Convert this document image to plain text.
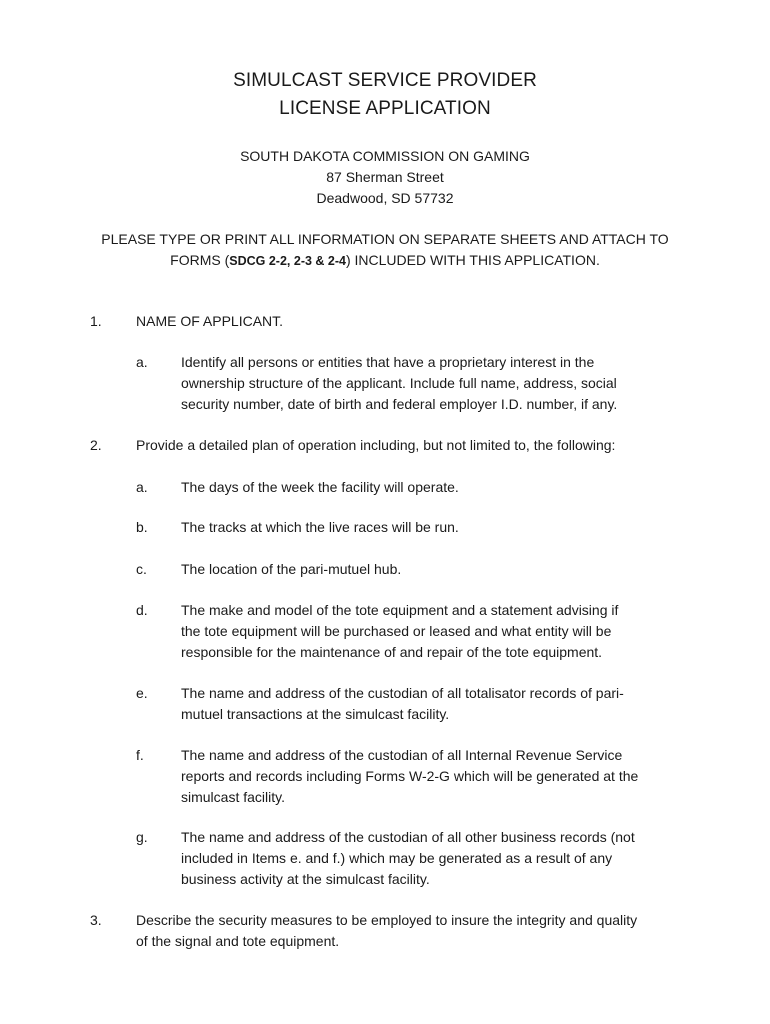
SIMULCAST SERVICE PROVIDER
LICENSE APPLICATION
SOUTH DAKOTA COMMISSION ON GAMING
87 Sherman Street
Deadwood, SD 57732
PLEASE TYPE OR PRINT ALL INFORMATION ON SEPARATE SHEETS AND ATTACH TO
FORMS (SDCG 2-2, 2-3 & 2-4) INCLUDED WITH THIS APPLICATION.
1. NAME OF APPLICANT.
a. Identify all persons or entities that have a proprietary interest in the
ownership structure of the applicant. Include full name, address, social
security number, date of birth and federal employer I.D. number, if any.
2. Provide a detailed plan of operation including, but not limited to, the following:
a. The days of the week the facility will operate.
b. The tracks at which the live races will be run.
c. The location of the pari-mutuel hub.
d. The make and model of the tote equipment and a statement advising if
the tote equipment will be purchased or leased and what entity will be
responsible for the maintenance of and repair of the tote equipment.
e. The name and address of the custodian of all totalisator records of pari-
mutuel transactions at the simulcast facility.
f.	The name and address of the custodian of all Internal Revenue Service
reports and records including Forms W-2-G which will be generated at the
simulcast facility.
g. The name and address of the custodian of all other business records (not
included in Items e. and f.) which may be generated as a result of any
business activity at the simulcast facility.
3. Describe the security measures to be employed to insure the integrity and quality
of the signal and tote equipment.
